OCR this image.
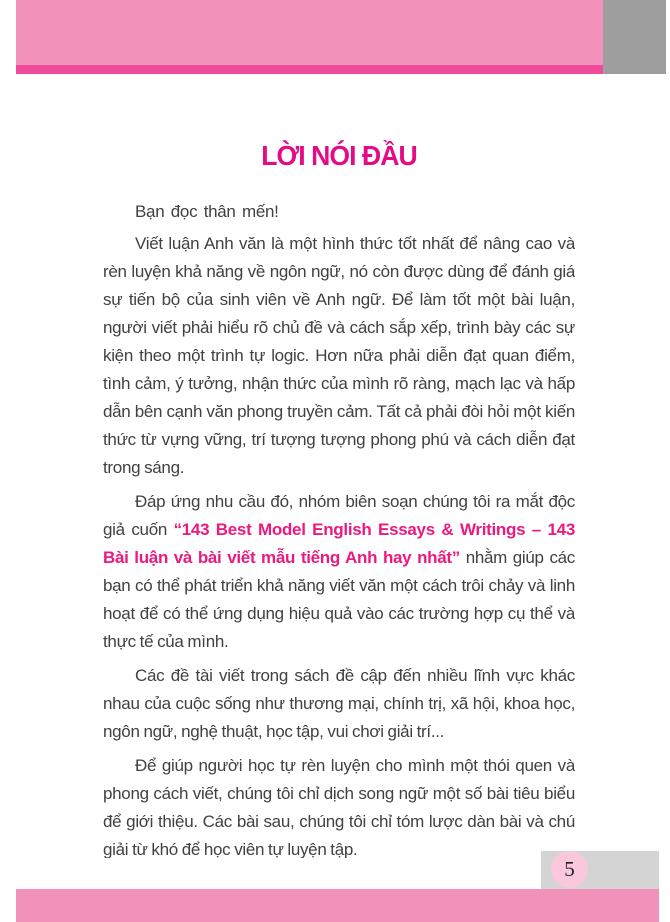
LỜI NÓI ĐẦU

Bạn đọc thân mến!

Viết luận Anh văn là một hình thức tốt nhất để nâng cao và rèn luyện khả năng về ngôn ngữ, nó còn được dùng để đánh giá sự tiến bộ của sinh viên về Anh ngữ. Để làm tốt một bài luận, người viết phải hiểu rõ chủ đề và cách sắp xếp, trình bày các sự kiện theo một trình tự logic. Hơn nữa phải diễn đạt quan điểm, tình cảm, ý tưởng, nhận thức của mình rõ ràng, mạch lạc và hấp dẫn bên cạnh văn phong truyền cảm. Tất cả phải đòi hỏi một kiến thức từ vựng vững, trí tượng tượng phong phú và cách diễn đạt trong sáng.

Đáp ứng nhu cầu đó, nhóm biên soạn chúng tôi ra mắt độc giả cuốn “143 Best Model English Essays & Writings – 143 Bài luận và bài viết mẫu tiếng Anh hay nhất” nhằm giúp các bạn có thể phát triển khả năng viết văn một cách trôi chảy và linh hoạt để có thể ứng dụng hiệu quả vào các trường hợp cụ thể và thực tế của mình.

Các đề tài viết trong sách đề cập đến nhiều lĩnh vực khác nhau của cuộc sống như thương mại, chính trị, xã hội, khoa học, ngôn ngữ, nghệ thuật, học tập, vui chơi giải trí...

Để giúp người học tự rèn luyện cho mình một thói quen và phong cách viết, chúng tôi chỉ dịch song ngữ một số bài tiêu biểu để giới thiệu. Các bài sau, chúng tôi chỉ tóm lược dàn bài và chú giải từ khó để học viên tự luyện tập.

5
